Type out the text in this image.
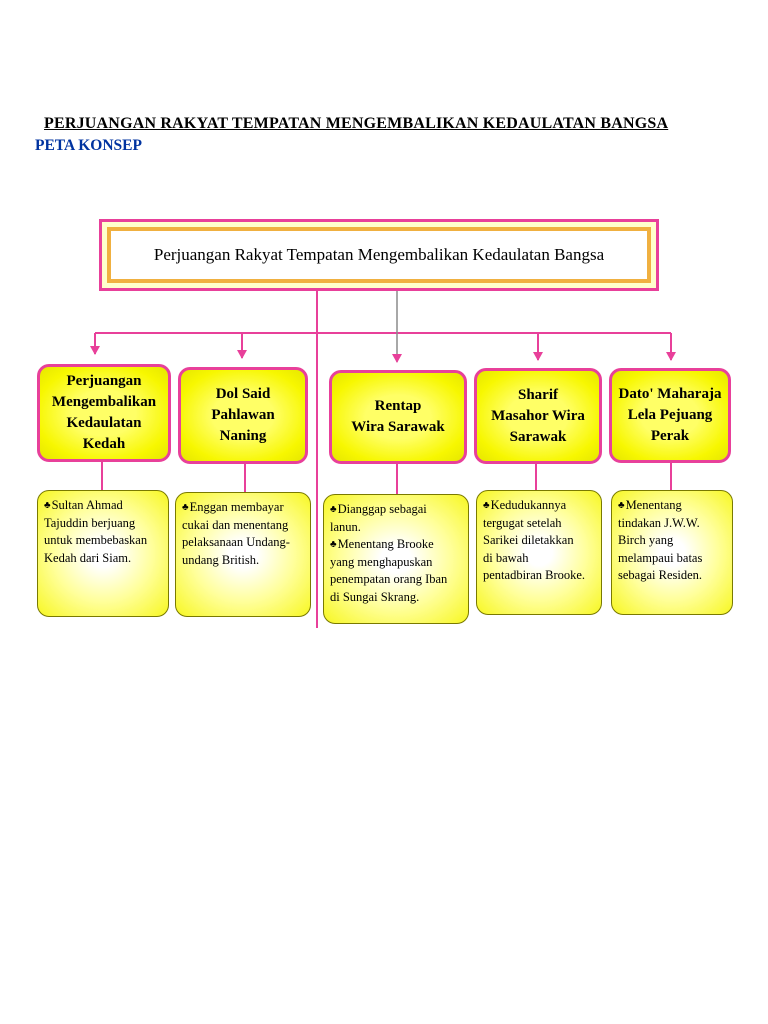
PERJUANGAN RAKYAT TEMPATAN MENGEMBALIKAN KEDAULATAN BANGSA
PETA KONSEP
Perjuangan Rakyat Tempatan Mengembalikan Kedaulatan Bangsa
Perjuangan
Mengembalikan
Kedaulatan
Kedah
Dol Said
Pahlawan
Naning
Rentap
Wira Sarawak
Sharif
Masahor Wira
Sarawak
Dato' Maharaja
Lela Pejuang
Perak
♣Sultan Ahmad
Tajuddin berjuang
untuk membebaskan
Kedah dari Siam.
♣Enggan membayar
cukai dan menentang
pelaksanaan Undang-
undang British.
♣Dianggap sebagai
lanun.
♣Menentang Brooke
yang menghapuskan
penempatan orang Iban
di Sungai Skrang.
♣Kedudukannya
tergugat setelah
Sarikei diletakkan
di bawah
pentadbiran Brooke.
♣Menentang
tindakan J.W.W.
Birch yang
melampaui batas
sebagai Residen.
